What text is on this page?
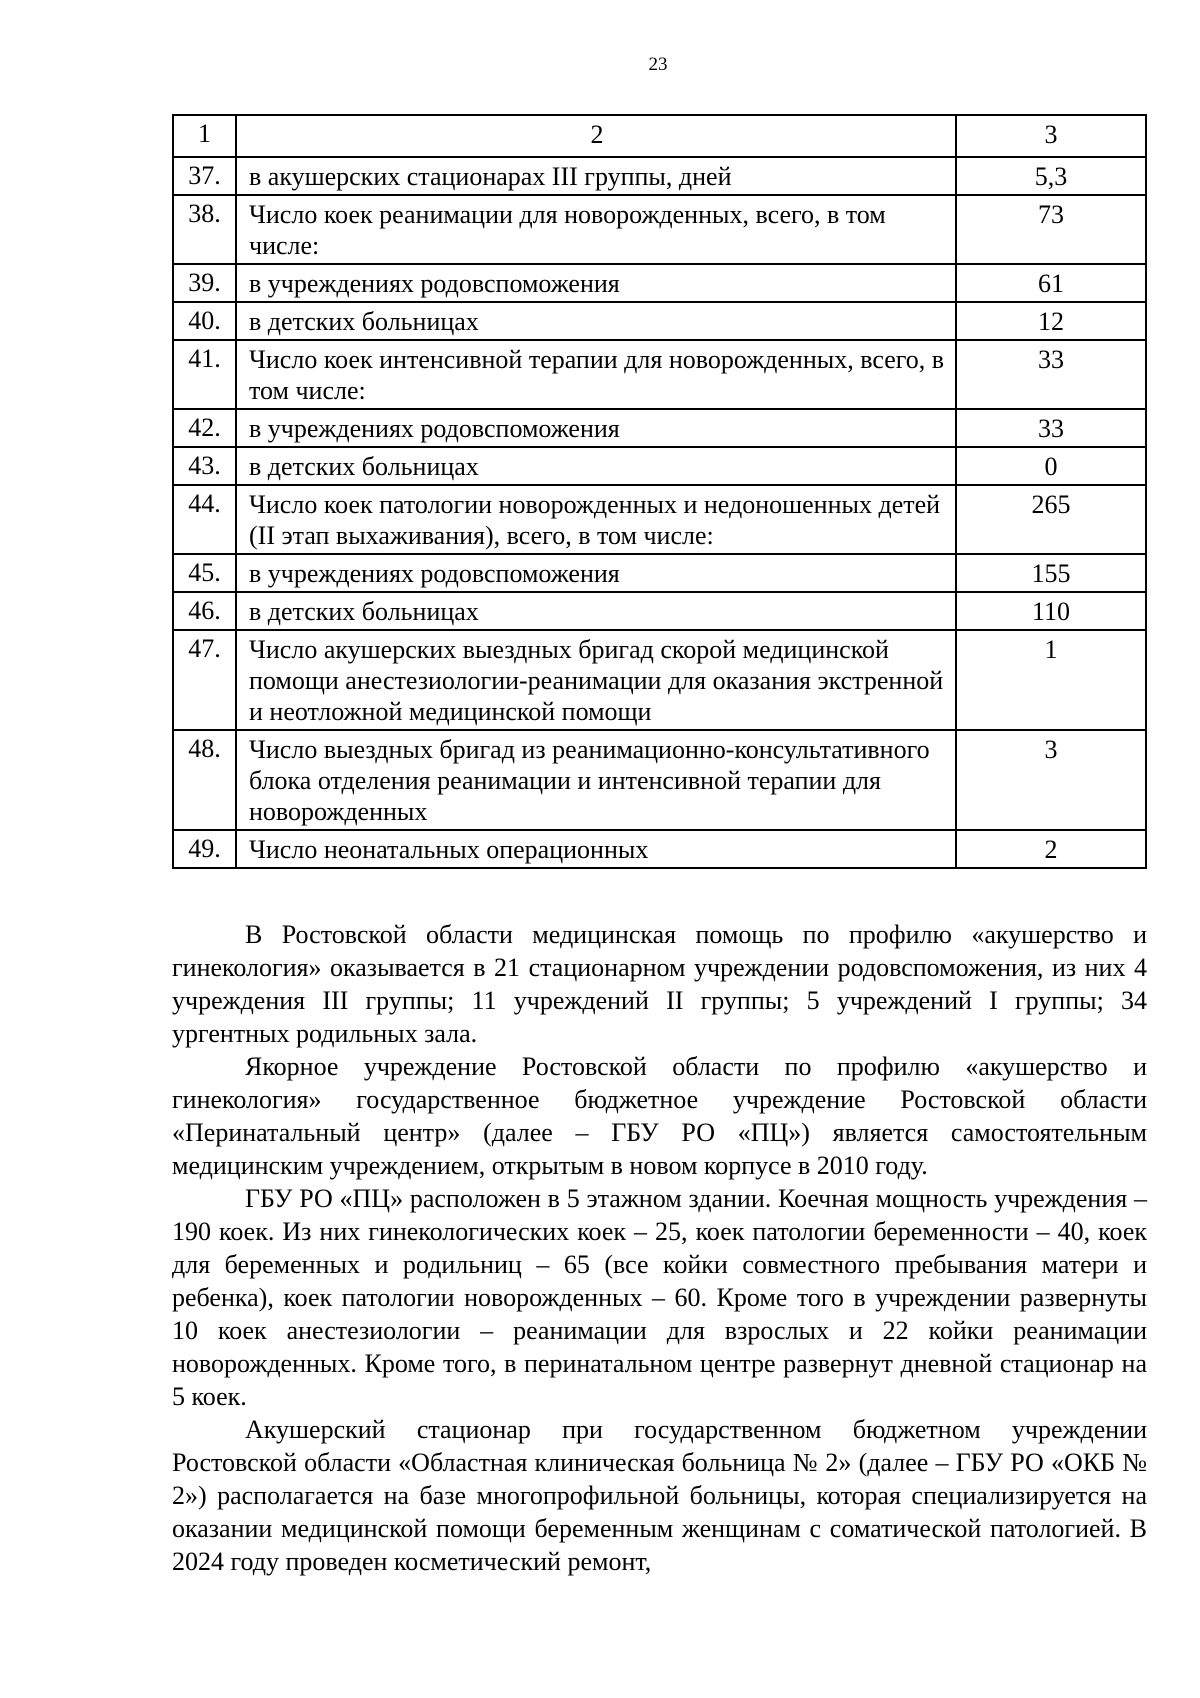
23
1	2	3
37.	в акушерских стационарах III группы, дней	5,3
38.	Число коек реанимации для новорожденных, всего, в том числе:	73
39.	в учреждениях родовспоможения	61
40.	в детских больницах	12
41.	Число коек интенсивной терапии для новорожденных, всего, в том числе:	33
42.	в учреждениях родовспоможения	33
43.	в детских больницах	0
44.	Число коек патологии новорожденных и недоношенных детей (II этап выхаживания), всего, в том числе:	265
45.	в учреждениях родовспоможения	155
46.	в детских больницах	110
47.	Число акушерских выездных бригад скорой медицинской помощи анестезиологии-реанимации для оказания экстренной и неотложной медицинской помощи	1
48.	Число выездных бригад из реанимационно-консультативного блока отделения реанимации и интенсивной терапии для новорожденных	3
49.	Число неонатальных операционных	2

В Ростовской области медицинская помощь по профилю «акушерство и гинекология» оказывается в 21 стационарном учреждении родовспоможения, из них 4 учреждения III группы; 11 учреждений II группы; 5 учреждений I группы; 34 ургентных родильных зала.

Якорное учреждение Ростовской области по профилю «акушерство и гинекология» государственное бюджетное учреждение Ростовской области «Перинатальный центр» (далее – ГБУ РО «ПЦ») является самостоятельным медицинским учреждением, открытым в новом корпусе в 2010 году.

ГБУ РО «ПЦ» расположен в 5 этажном здании. Коечная мощность учреждения – 190 коек. Из них гинекологических коек – 25, коек патологии беременности – 40, коек для беременных и родильниц – 65 (все койки совместного пребывания матери и ребенка), коек патологии новорожденных – 60. Кроме того в учреждении развернуты 10 коек анестезиологии – реанимации для взрослых и 22 койки реанимации новорожденных. Кроме того, в перинатальном центре развернут дневной стационар на 5 коек.

Акушерский стационар при государственном бюджетном учреждении Ростовской области «Областная клиническая больница № 2» (далее – ГБУ РО «ОКБ № 2») располагается на базе многопрофильной больницы, которая специализируется на оказании медицинской помощи беременным женщинам с соматической патологией. В 2024 году проведен косметический ремонт,
